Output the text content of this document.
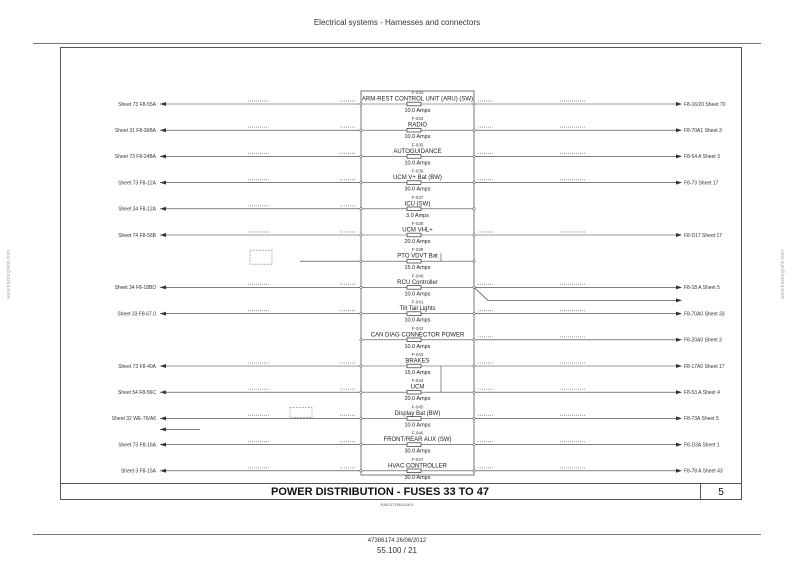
Electrical systems - Harnesses and connectors
www.tractorgrafik.com	www.tractorgrafik.com
F-033
ARM-REST CONTROL UNIT (ARU) (SW)
10.0 Amps
Sheet 73 F8-55A	F8-16/20 Sheet 70
F-034
RADIO
10.0 Amps
Sheet 31 F8-36BA	F8-70A1 Sheet 3
F-035
AUTOGUIDANCE
10.0 Amps
Sheet 73 F8-24BA	F8-54 A Sheet 3
F-036
UCM V+ Bat (BW)
30.0 Amps
Sheet 73 F8-12A	F8-73 Sheet 17
F-037
ICU (SW)
3.0 Amps
Sheet 34 F8-12A
F-038
UCM VHL+
20.0 Amps
Sheet 74 F8-56B	F8-D17 Sheet 17
F-039
PTO VDVT Bat
15.0 Amps
F-040
RCU Controller
10.0 Amps
Sheet 34 F8-18BD	F8-18 A Sheet 5
F-041
Tilt Tail Lights
10.0 Amps
Sheet 33 F8-67.0	F8-70A0 Sheet 33
F-042
CAN DIAG CONNECTOR POWER
10.0 Amps
F8-20A0 Sheet 3
F-043
BRAKES
15.0 Amps
Sheet 73 F8-40A	F8-17A0 Sheet 17
F-044
UCM
20.0 Amps
Sheet 54 F8-56C	F8-53 A Sheet 4
F-045
Display Bat (BW)
10.0 Amps
Sheet 32 WE-76/A6	F8-73A Sheet 5
F-046
FRONT/REAR AUX (SW)
30.0 Amps
Sheet 73 F8-16A	F8-D3A Sheet 1
F-047
HVAC CONTROLLER
30.0 Amps
Sheet 3 F8-15A	F8-78 A Sheet 43
POWER DISTRIBUTION - FUSES 33 TO 47	5
RAIO1TRA41SA 5
47386174 26/06/2012
55.100 / 21
